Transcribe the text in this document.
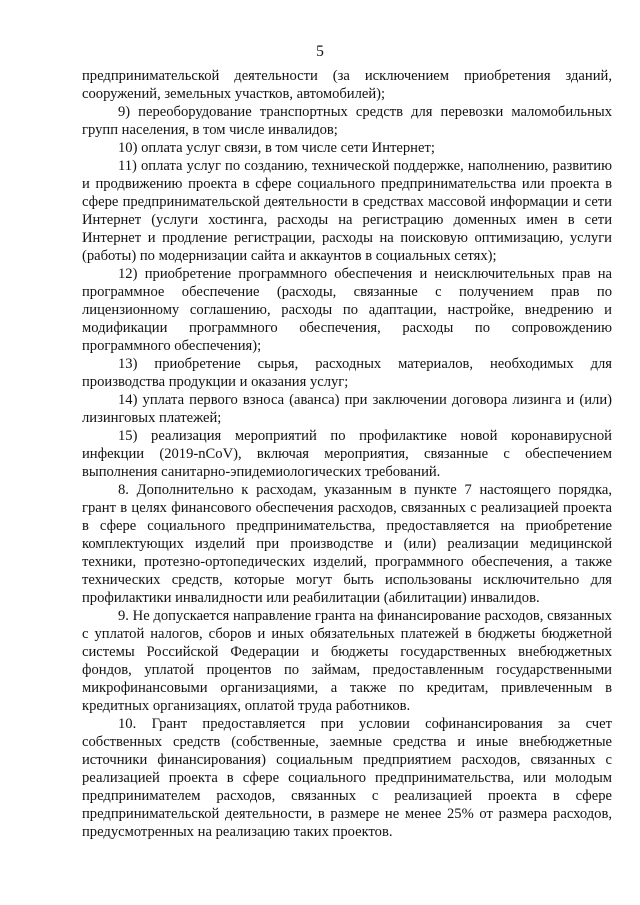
5

предпринимательской деятельности (за исключением приобретения зданий, сооружений, земельных участков, автомобилей);

9) переоборудование транспортных средств для перевозки маломобильных групп населения, в том числе инвалидов;

10) оплата услуг связи, в том числе сети Интернет;

11) оплата услуг по созданию, технической поддержке, наполнению, развитию и продвижению проекта в сфере социального предпринимательства или проекта в сфере предпринимательской деятельности в средствах массовой информации и сети Интернет (услуги хостинга, расходы на регистрацию доменных имен в сети Интернет и продление регистрации, расходы на поисковую оптимизацию, услуги (работы) по модернизации сайта и аккаунтов в социальных сетях);

12) приобретение программного обеспечения и неисключительных прав на программное обеспечение (расходы, связанные с получением прав по лицензионному соглашению, расходы по адаптации, настройке, внедрению и модификации программного обеспечения, расходы по сопровождению программного обеспечения);

13) приобретение сырья, расходных материалов, необходимых для производства продукции и оказания услуг;

14) уплата первого взноса (аванса) при заключении договора лизинга и (или) лизинговых платежей;

15) реализация мероприятий по профилактике новой коронавирусной инфекции (2019-nCoV), включая мероприятия, связанные с обеспечением выполнения санитарно-эпидемиологических требований.

8. Дополнительно к расходам, указанным в пункте 7 настоящего порядка, грант в целях финансового обеспечения расходов, связанных с реализацией проекта в сфере социального предпринимательства, предоставляется на приобретение комплектующих изделий при производстве и (или) реализации медицинской техники, протезно-ортопедических изделий, программного обеспечения, а также технических средств, которые могут быть использованы исключительно для профилактики инвалидности или реабилитации (абилитации) инвалидов.

9. Не допускается направление гранта на финансирование расходов, связанных с уплатой налогов, сборов и иных обязательных платежей в бюджеты бюджетной системы Российской Федерации и бюджеты государственных внебюджетных фондов, уплатой процентов по займам, предоставленным государственными микрофинансовыми организациями, а также по кредитам, привлеченным в кредитных организациях, оплатой труда работников.

10. Грант предоставляется при условии софинансирования за счет собственных средств (собственные, заемные средства и иные внебюджетные источники финансирования) социальным предприятием расходов, связанных с реализацией проекта в сфере социального предпринимательства, или молодым предпринимателем расходов, связанных с реализацией проекта в сфере предпринимательской деятельности, в размере не менее 25% от размера расходов, предусмотренных на реализацию таких проектов.
